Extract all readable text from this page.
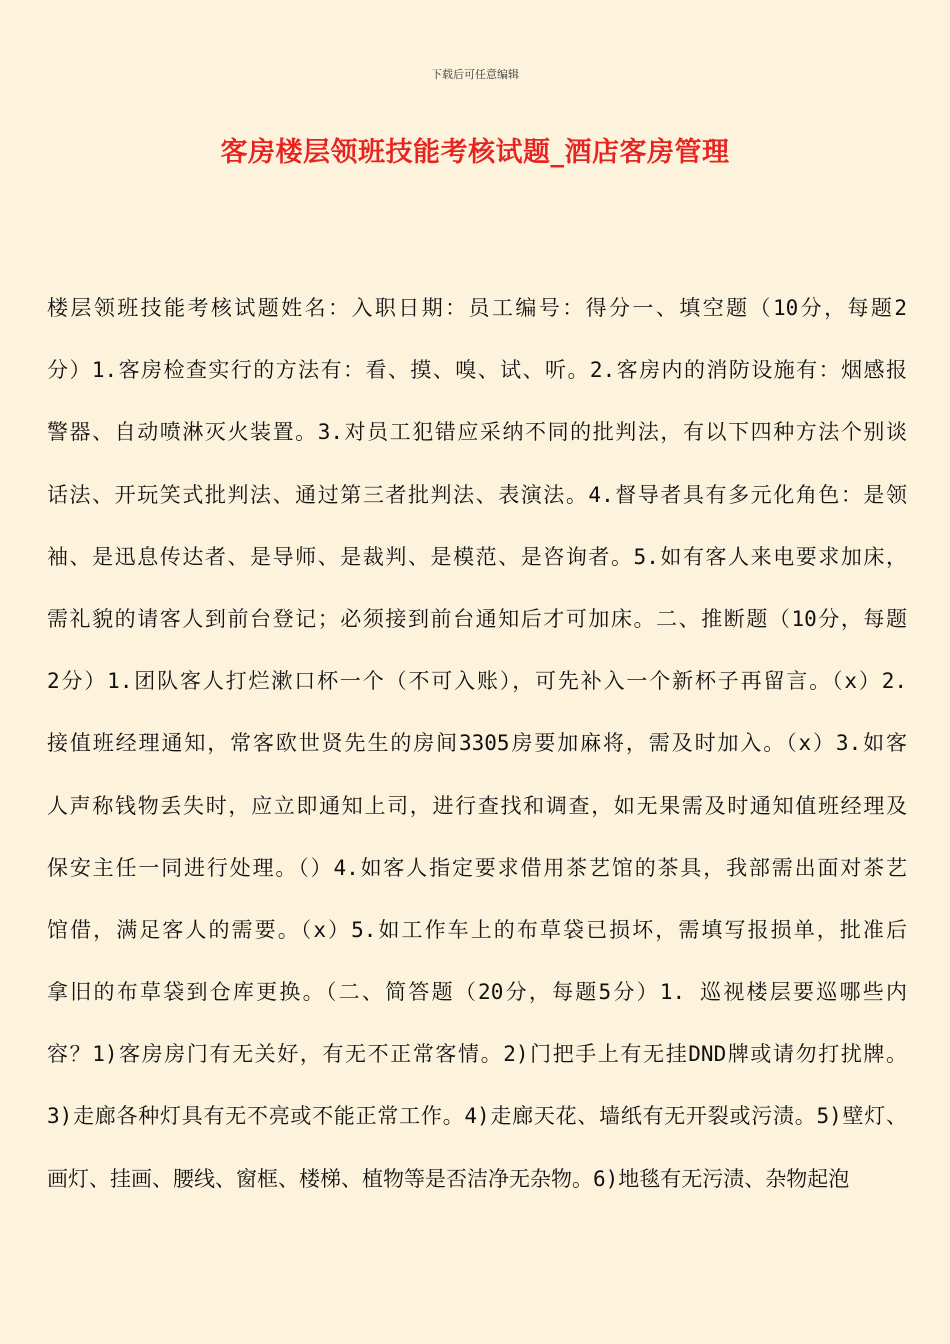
下载后可任意编辑
客房楼层领班技能考核试题_酒店客房管理
楼层领班技能考核试题姓名：入职日期：员工编号：得分一、填空题（10分，每题2
分）1.客房检查实行的方法有：看、摸、嗅、试、听。2.客房内的消防设施有：烟感报
警器、自动喷淋灭火装置。3.对员工犯错应采纳不同的批判法，有以下四种方法个别谈
话法、开玩笑式批判法、通过第三者批判法、表演法。4.督导者具有多元化角色：是领
袖、是迅息传达者、是导师、是裁判、是模范、是咨询者。5.如有客人来电要求加床，
需礼貌的请客人到前台登记；必须接到前台通知后才可加床。二、推断题（10分，每题
2分）1.团队客人打烂漱口杯一个（不可入账），可先补入一个新杯子再留言。（x）2.
接值班经理通知，常客欧世贤先生的房间3305房要加麻将，需及时加入。（x）3.如客
人声称钱物丢失时，应立即通知上司，进行查找和调查，如无果需及时通知值班经理及
保安主任一同进行处理。（）4.如客人指定要求借用茶艺馆的茶具，我部需出面对茶艺
馆借，满足客人的需要。（x）5.如工作车上的布草袋已损坏，需填写报损单，批准后
拿旧的布草袋到仓库更换。（二、简答题（20分，每题5分）1. 巡视楼层要巡哪些内
容？1)客房房门有无关好，有无不正常客情。2)门把手上有无挂DND牌或请勿打扰牌。
3)走廊各种灯具有无不亮或不能正常工作。4)走廊天花、墙纸有无开裂或污渍。5)壁灯、
画灯、挂画、腰线、窗框、楼梯、植物等是否洁净无杂物。6)地毯有无污渍、杂物起泡
